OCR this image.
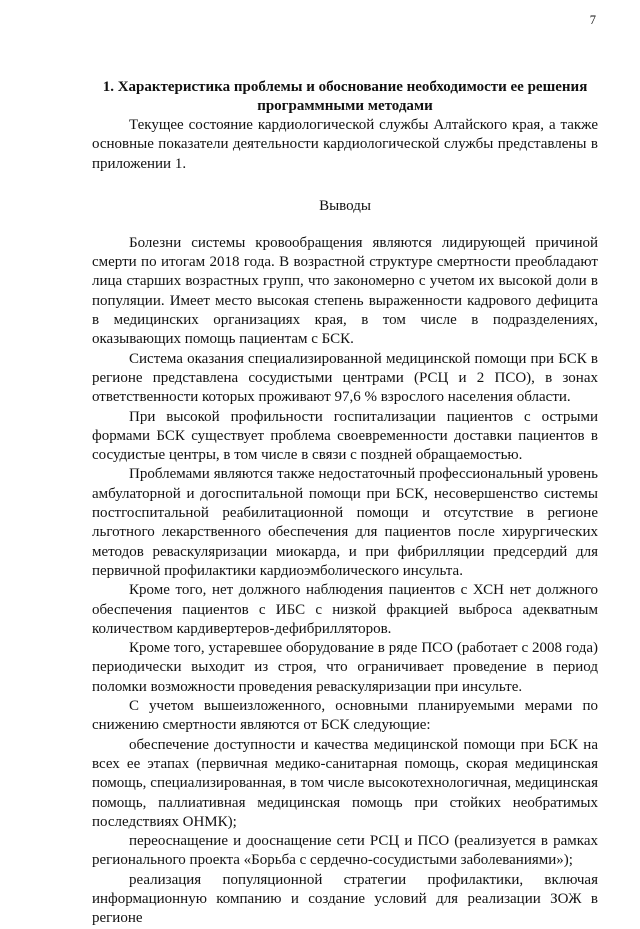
7
1. Характеристика проблемы и обоснование необходимости ее решения программными методами

Текущее состояние кардиологической службы Алтайского края, а также основные показатели деятельности кардиологической службы представлены в приложении 1.

Выводы

Болезни системы кровообращения являются лидирующей причиной смерти по итогам 2018 года. В возрастной структуре смертности преобладают лица старших возрастных групп, что закономерно с учетом их высокой доли в популяции. Имеет место высокая степень выраженности кадрового дефицита в медицинских организациях края, в том числе в подразделениях, оказывающих помощь пациентам с БСК.

Система оказания специализированной медицинской помощи при БСК в регионе представлена сосудистыми центрами (РСЦ и 2 ПСО), в зонах ответственности которых проживают 97,6 % взрослого населения области.

При высокой профильности госпитализации пациентов с острыми формами БСК существует проблема своевременности доставки пациентов в сосудистые центры, в том числе в связи с поздней обращаемостью.

Проблемами являются также недостаточный профессиональный уровень амбулаторной и догоспитальной помощи при БСК, несовершенство системы постгоспитальной реабилитационной помощи и отсутствие в регионе льготного лекарственного обеспечения для пациентов после хирургических методов реваскуляризации миокарда, и при фибрилляции предсердий для первичной профилактики кардиоэмболического инсульта.

Кроме того, нет должного наблюдения пациентов с ХСН нет должного обеспечения пациентов с ИБС с низкой фракцией выброса адекватным количеством кардивертеров-дефибрилляторов.

Кроме того, устаревшее оборудование в ряде ПСО (работает с 2008 года) периодически выходит из строя, что ограничивает проведение в период поломки возможности проведения реваскуляризации при инсульте.

С учетом вышеизложенного, основными планируемыми мерами по снижению смертности являются от БСК следующие:

обеспечение доступности и качества медицинской помощи при БСК на всех ее этапах (первичная медико-санитарная помощь, скорая медицинская помощь, специализированная, в том числе высокотехнологичная, медицинская помощь, паллиативная медицинская помощь при стойких необратимых последствиях ОНМК);

переоснащение и дооснащение сети РСЦ и ПСО (реализуется в рамках регионального проекта «Борьба с сердечно-сосудистыми заболеваниями»);

реализация популяционной стратегии профилактики, включая информационную компанию и создание условий для реализации ЗОЖ в регионе
